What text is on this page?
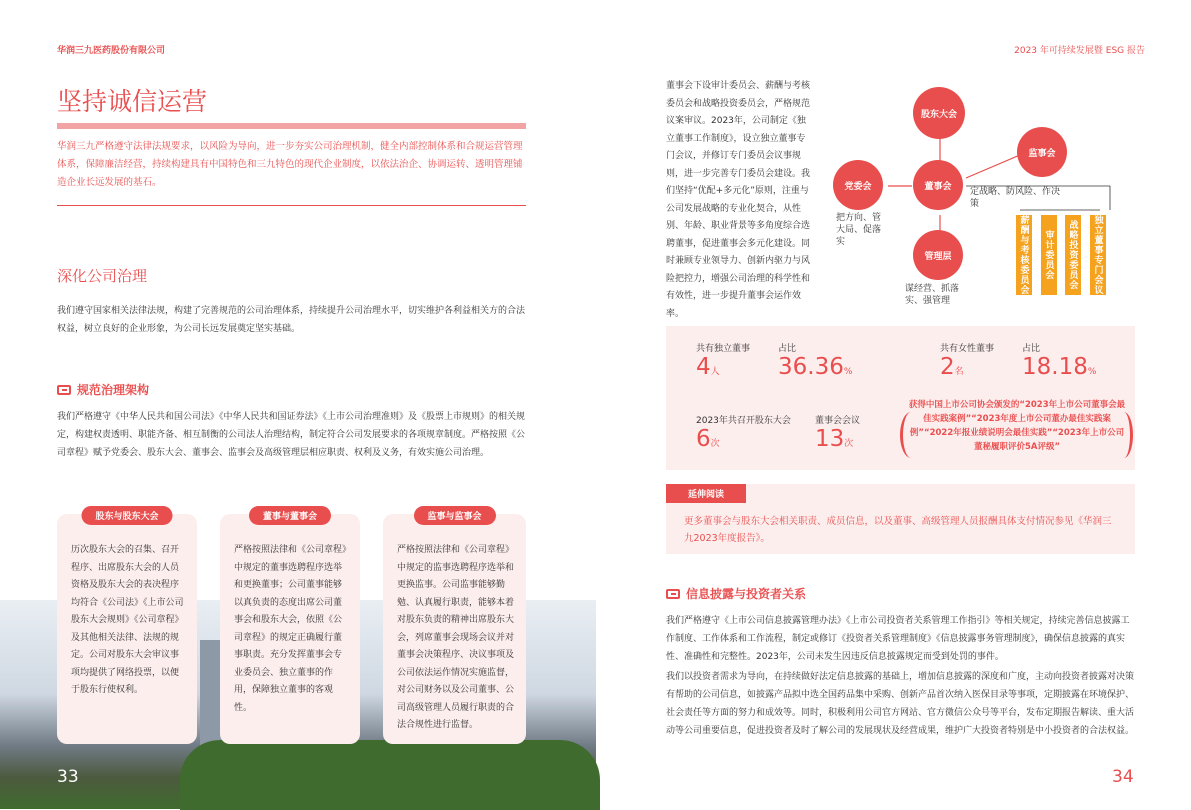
华润三九医药股份有限公司	2023 年可持续发展暨 ESG 报告
坚持诚信运营
华润三九严格遵守法律法规要求，以风险为导向，进一步夯实公司治理机制，健全内部控制体系和合规运营管理体系，保障廉洁经营，持续构建具有中国特色和三九特色的现代企业制度，以依法治企、协调运转、透明管理铺造企业长远发展的基石。
深化公司治理
我们遵守国家相关法律法规，构建了完善规范的公司治理体系，持续提升公司治理水平，切实维护各利益相关方的合法权益，树立良好的企业形象，为公司长远发展奠定坚实基础。
规范治理架构
我们严格遵守《中华人民共和国公司法》《中华人民共和国证券法》《上市公司治理准则》及《股票上市规则》的相关规定，构建权责透明、职能齐备、相互制衡的公司法人治理结构，制定符合公司发展要求的各项规章制度。严格按照《公司章程》赋予党委会、股东大会、董事会、监事会及高级管理层相应职责、权利及义务，有效实施公司治理。
股东与股东大会
历次股东大会的召集、召开程序、出席股东大会的人员资格及股东大会的表决程序均符合《公司法》《上市公司股东大会规则》《公司章程》及其他相关法律、法规的规定。公司对股东大会审议事项均提供了网络投票，以便于股东行使权利。
董事与董事会
严格按照法律和《公司章程》中规定的董事选聘程序选举和更换董事；公司董事能够以真负责的态度出席公司董事会和股东大会，依照《公司章程》的规定正确履行董事职责。充分发挥董事会专业委员会、独立董事的作用，保障独立董事的客观性。
监事与监事会
严格按照法律和《公司章程》中规定的监事选聘程序选举和更换监事。公司监事能够勤勉、认真履行职责，能够本着对股东负责的精神出席股东大会，列席董事会现场会议并对董事会决策程序、决议事项及公司依法运作情况实施监督，对公司财务以及公司董事、公司高级管理人员履行职责的合法合规性进行监督。
33
董事会下设审计委员会、薪酬与考核委员会和战略投资委员会，严格规范议案审议。2023年，公司制定《独立董事工作制度》，设立独立董事专门会议，并修订专门委员会议事规则，进一步完善专门委员会建设。我们坚持“优配+多元化”原则，注重与公司发展战略的专业化契合，从性别、年龄、职业背景等多角度综合选聘董事，促进董事会多元化建设。同时兼顾专业领导力、创新内驱力与风险把控力，增强公司治理的科学性和有效性，进一步提升董事会运作效率。
股东大会
监事会
党委会	董事会
管理层
定战略、防风险、作决策
把方向、管大局、促落实
谋经营、抓落实、强管理
薪酬与考核委员会	审计委员会	战略投资委员会	独立董事专门会议
共有独立董事
4人
占比
36.36%
共有女性董事
2名
占比
18.18%
2023年共召开股东大会
6次
董事会会议
13次
获得中国上市公司协会颁发的“2023年上市公司董事会最佳实践案例”“2023年度上市公司董办最佳实践案例”“2022年报业绩说明会最佳实践”“2023年上市公司董秘履职评价5A评级”
延伸阅读
更多董事会与股东大会相关职责、成员信息，以及董事、高级管理人员报酬具体支付情况参见《华润三九2023年度报告》。
信息披露与投资者关系
我们严格遵守《上市公司信息披露管理办法》《上市公司投资者关系管理工作指引》等相关规定，持续完善信息披露工作制度、工作体系和工作流程，制定或修订《投资者关系管理制度》《信息披露事务管理制度》，确保信息披露的真实性、准确性和完整性。2023年，公司未发生因违反信息披露规定而受到处罚的事件。
我们以投资者需求为导向，在持续做好法定信息披露的基础上，增加信息披露的深度和广度，主动向投资者披露对决策有帮助的公司信息，如披露产品拟中选全国药品集中采购、创新产品首次纳入医保目录等事项，定期披露在环境保护、社会责任等方面的努力和成效等。同时，积极利用公司官方网站、官方微信公众号等平台，发布定期报告解读、重大活动等公司重要信息，促进投资者及时了解公司的发展现状及经营成果，维护广大投资者特别是中小投资者的合法权益。
34
